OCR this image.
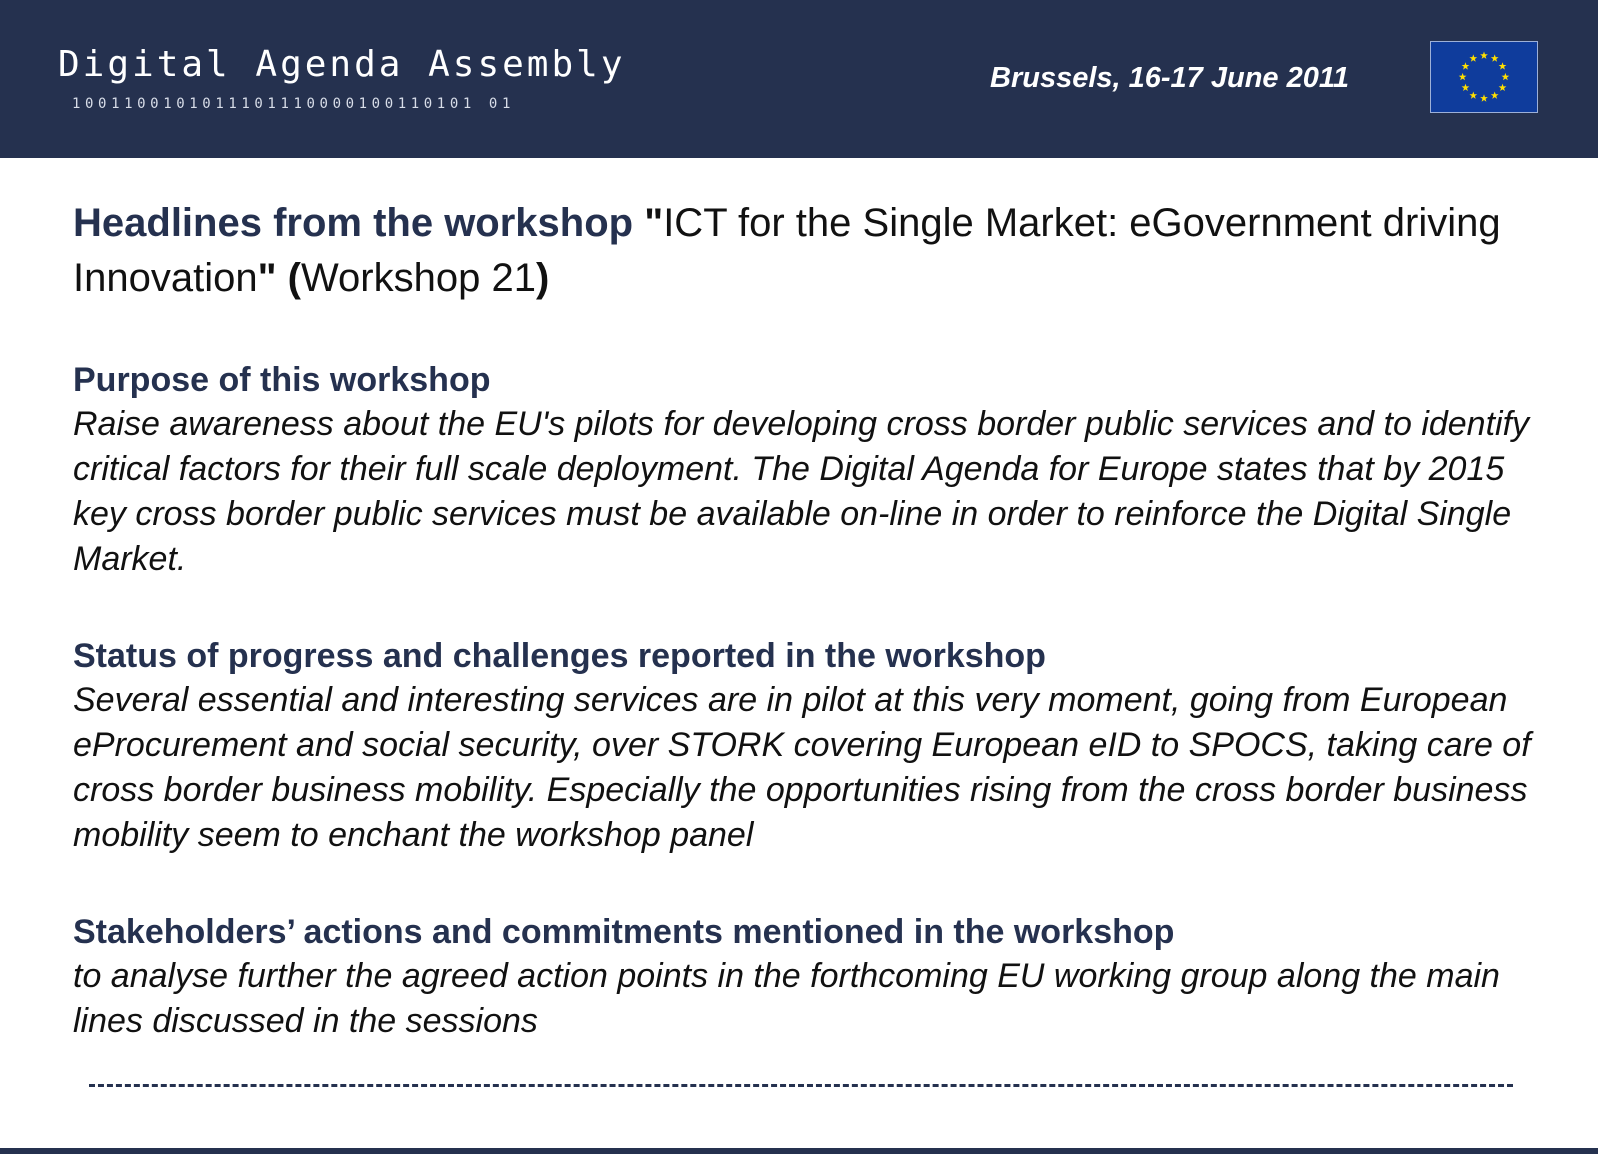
Digital Agenda Assembly
1001100101011101110000100110101 01
Brussels, 16-17 June 2011
Headlines from the workshop "ICT for the Single Market: eGovernment driving Innovation" (Workshop 21)
Purpose of this workshop

Raise awareness about the EU's pilots for developing cross border public services and to identify critical factors for their full scale deployment. The Digital Agenda for Europe states that by 2015 key cross border public services must be available on-line in order to reinforce the Digital Single Market.

Status of progress and challenges reported in the workshop

Several essential and interesting services are in pilot at this very moment, going from European eProcurement and social security, over STORK covering European eID to SPOCS, taking care of cross border business mobility. Especially the opportunities rising from the cross border business mobility seem to enchant the workshop panel

Stakeholders’ actions and commitments mentioned in the workshop

to analyse further the agreed action points in the forthcoming EU working group along the main lines discussed in the sessions
